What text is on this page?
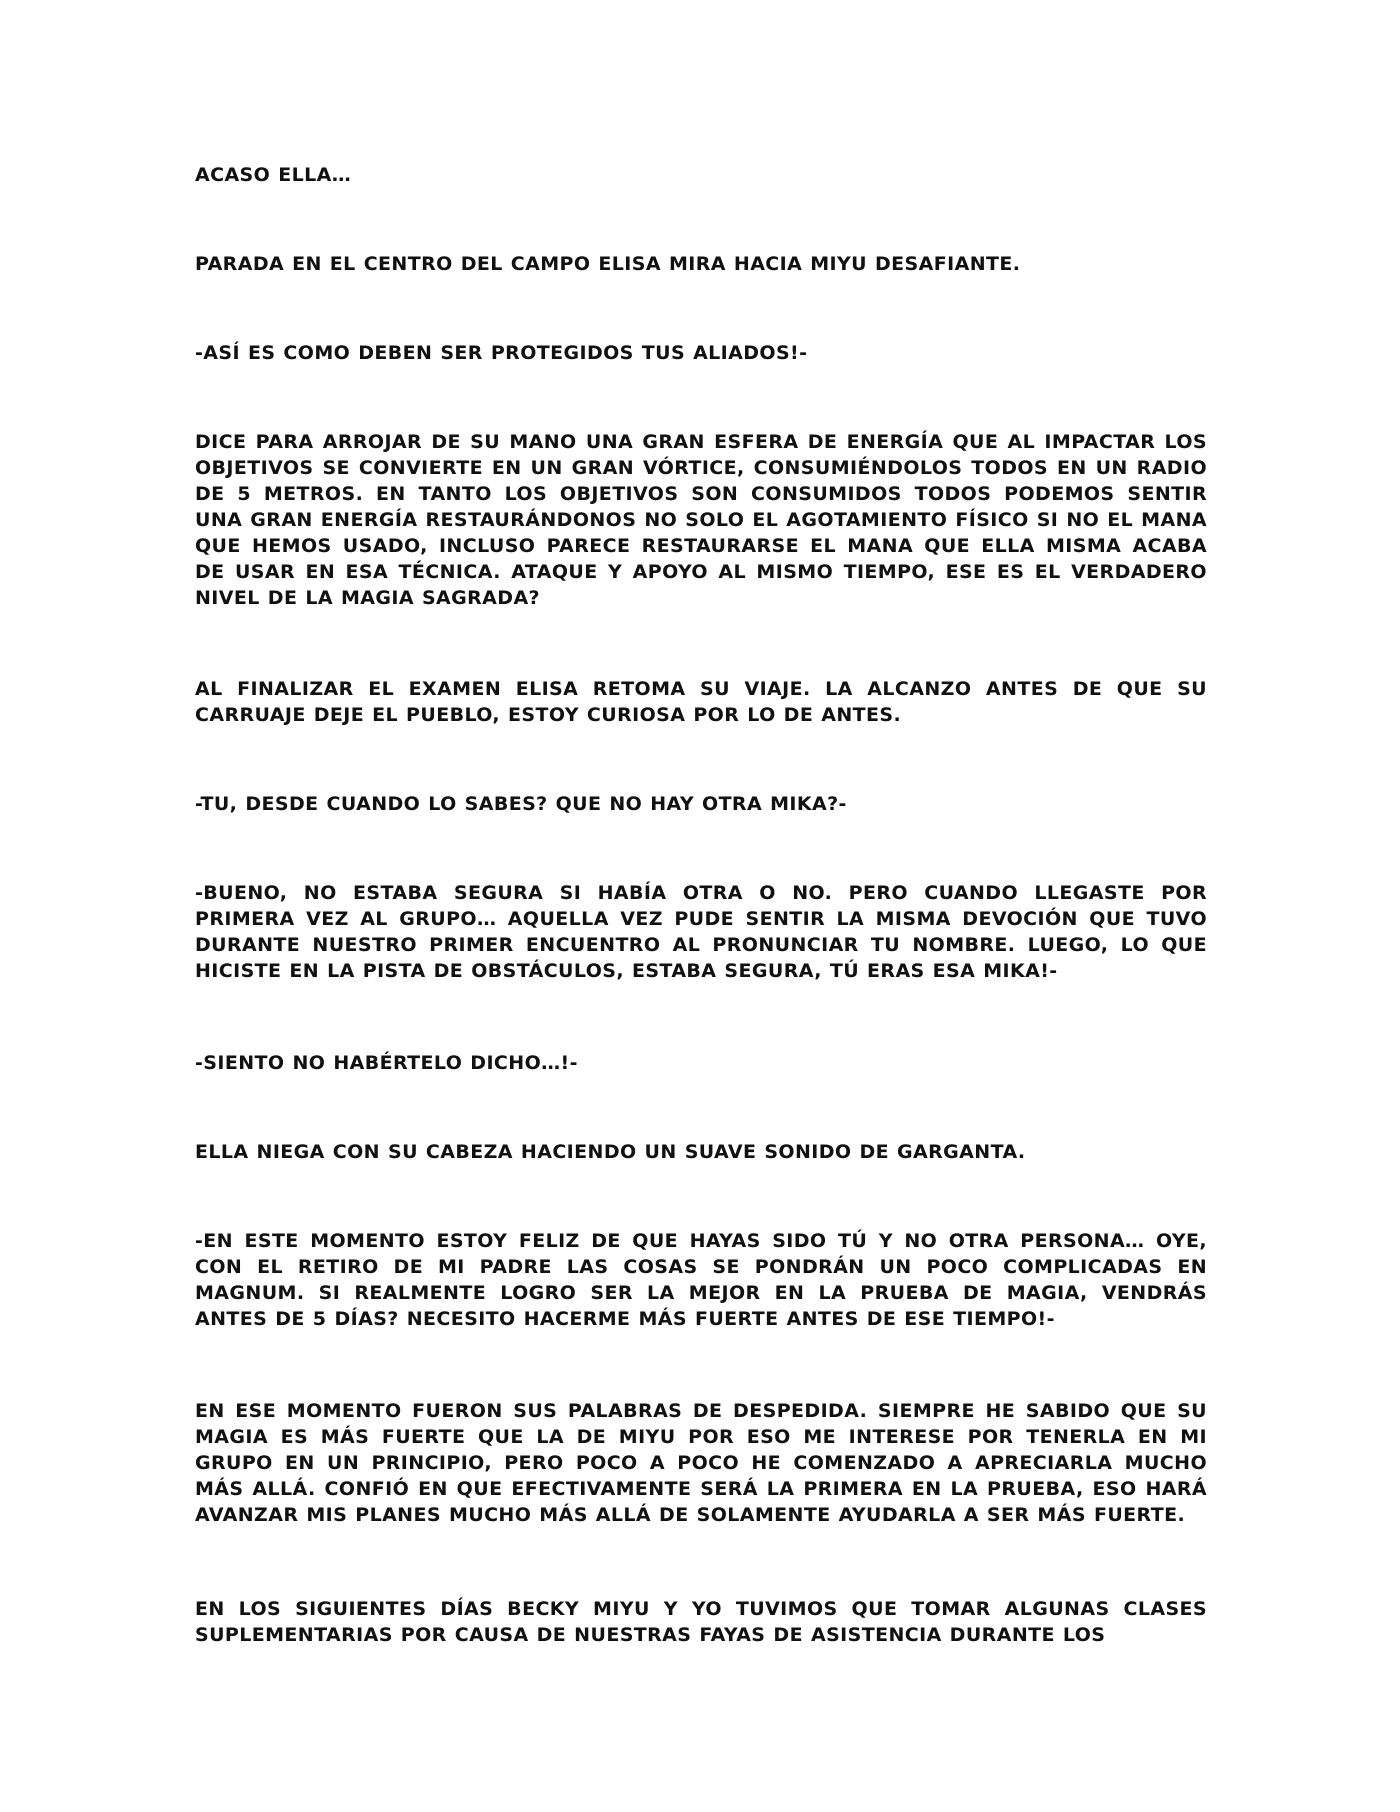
ACASO ELLA…

PARADA EN EL CENTRO DEL CAMPO ELISA MIRA HACIA MIYU DESAFIANTE.

-ASÍ ES COMO DEBEN SER PROTEGIDOS TUS ALIADOS!-

DICE PARA ARROJAR DE SU MANO UNA GRAN ESFERA DE ENERGÍA QUE AL IMPACTAR LOS OBJETIVOS SE CONVIERTE EN UN GRAN VÓRTICE, CONSUMIÉNDOLOS TODOS EN UN RADIO DE 5 METROS. EN TANTO LOS OBJETIVOS SON CONSUMIDOS TODOS PODEMOS SENTIR UNA GRAN ENERGÍA RESTAURÁNDONOS NO SOLO EL AGOTAMIENTO FÍSICO SI NO EL MANA QUE HEMOS USADO, INCLUSO PARECE RESTAURARSE EL MANA QUE ELLA MISMA ACABA DE USAR EN ESA TÉCNICA. ATAQUE Y APOYO AL MISMO TIEMPO, ESE ES EL VERDADERO NIVEL DE LA MAGIA SAGRADA?

AL FINALIZAR EL EXAMEN ELISA RETOMA SU VIAJE. LA ALCANZO ANTES DE QUE SU CARRUAJE DEJE EL PUEBLO, ESTOY CURIOSA POR LO DE ANTES.

-TU, DESDE CUANDO LO SABES? QUE NO HAY OTRA MIKA?-

-BUENO, NO ESTABA SEGURA SI HABÍA OTRA O NO. PERO CUANDO LLEGASTE POR PRIMERA VEZ AL GRUPO… AQUELLA VEZ PUDE SENTIR LA MISMA DEVOCIÓN QUE TUVO DURANTE NUESTRO PRIMER ENCUENTRO AL PRONUNCIAR TU NOMBRE. LUEGO, LO QUE HICISTE EN LA PISTA DE OBSTÁCULOS, ESTABA SEGURA, TÚ ERAS ESA MIKA!-

-SIENTO NO HABÉRTELO DICHO…!-

ELLA NIEGA CON SU CABEZA HACIENDO UN SUAVE SONIDO DE GARGANTA.

-EN ESTE MOMENTO ESTOY FELIZ DE QUE HAYAS SIDO TÚ Y NO OTRA PERSONA… OYE, CON EL RETIRO DE MI PADRE LAS COSAS SE PONDRÁN UN POCO COMPLICADAS EN MAGNUM. SI REALMENTE LOGRO SER LA MEJOR EN LA PRUEBA DE MAGIA, VENDRÁS ANTES DE 5 DÍAS? NECESITO HACERME MÁS FUERTE ANTES DE ESE TIEMPO!-

EN ESE MOMENTO FUERON SUS PALABRAS DE DESPEDIDA. SIEMPRE HE SABIDO QUE SU MAGIA ES MÁS FUERTE QUE LA DE MIYU POR ESO ME INTERESE POR TENERLA EN MI GRUPO EN UN PRINCIPIO, PERO POCO A POCO HE COMENZADO A APRECIARLA MUCHO MÁS ALLÁ. CONFIÓ EN QUE EFECTIVAMENTE SERÁ LA PRIMERA EN LA PRUEBA, ESO HARÁ AVANZAR MIS PLANES MUCHO MÁS ALLÁ DE SOLAMENTE AYUDARLA A SER MÁS FUERTE.

EN LOS SIGUIENTES DÍAS BECKY MIYU Y YO TUVIMOS QUE TOMAR ALGUNAS CLASES SUPLEMENTARIAS POR CAUSA DE NUESTRAS FAYAS DE ASISTENCIA DURANTE LOS
